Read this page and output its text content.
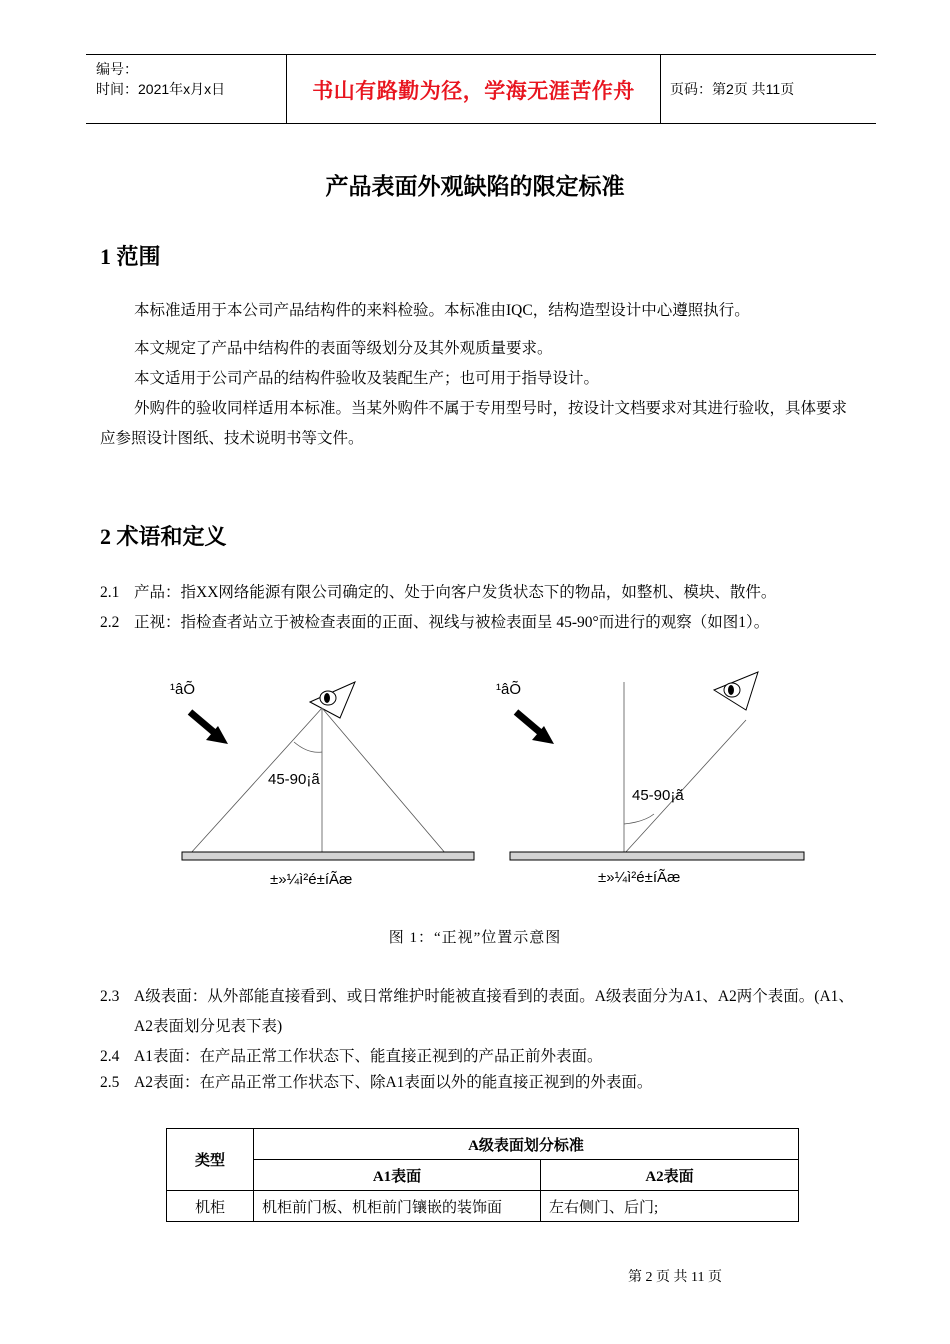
编号：
时间：2021年x月x日	书山有路勤为径，学海无涯苦作舟	页码：第2页 共11页
产品表面外观缺陷的限定标准
1 范围
本标准适用于本公司产品结构件的来料检验。本标准由IQC，结构造型设计中心遵照执行。
本文规定了产品中结构件的表面等级划分及其外观质量要求。
本文适用于公司产品的结构件验收及装配生产；也可用于指导设计。
外购件的验收同样适用本标准。当某外购件不属于专用型号时，按设计文档要求对其进行验收，具体要求应参照设计图纸、技术说明书等文件。
2 术语和定义
2.1 产品：指XX网络能源有限公司确定的、处于向客户发货状态下的物品，如整机、模块、散件。
2.2 正视：指检查者站立于被检查表面的正面、视线与被检表面呈 45-90°而进行的观察（如图1）。
¹âÕ
45-90¡ã
±»¼ì²é±íÃæ
¹âÕ
45-90¡ã
±»¼ì²é±íÃæ
图 1：“正视”位置示意图
2.3 A级表面：从外部能直接看到、或日常维护时能被直接看到的表面。A级表面分为A1、A2两个表面。(A1、A2表面划分见表下表)
2.4 A1表面：在产品正常工作状态下、能直接正视到的产品正前外表面。
2.5 A2表面：在产品正常工作状态下、除A1表面以外的能直接正视到的外表面。
类型	A级表面划分标准	
	A1表面	A2表面
机柜	机柜前门板、机柜前门镶嵌的装饰面	左右侧门、后门;
第 2 页 共 11 页
